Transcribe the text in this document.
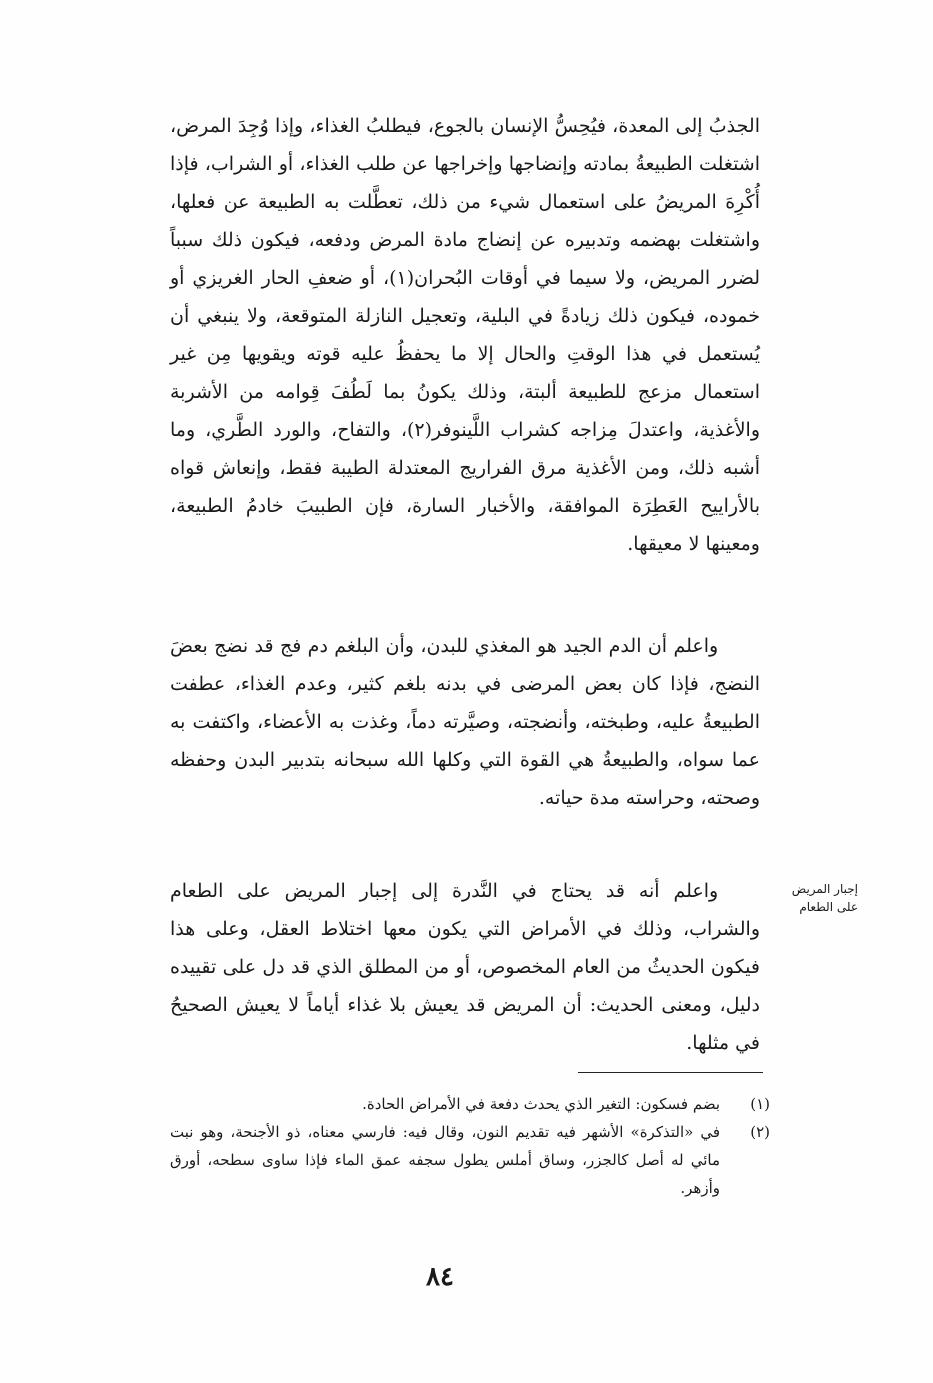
الجذبُ إلى المعدة، فيُحِسُّ الإنسان بالجوع، فيطلبُ الغذاء، وإذا وُجِدَ المرض، اشتغلت الطبيعةُ بمادته وإنضاجها وإخراجها عن طلب الغذاء، أو الشراب، فإذا أُكْرِهَ المريضُ على استعمال شيء من ذلك، تعطَّلت به الطبيعة عن فعلها، واشتغلت بهضمه وتدبيره عن إنضاج مادة المرض ودفعه، فيكون ذلك سبباً لضرر المريض، ولا سيما في أوقات البُحران(١)، أو ضعفِ الحار الغريزي أو خموده، فيكون ذلك زيادةً في البلية، وتعجيل النازلة المتوقعة، ولا ينبغي أن يُستعمل في هذا الوقتِ والحال إلا ما يحفظُ عليه قوته ويقويها مِن غير استعمال مزعج للطبيعة ألبتة، وذلك يكونُ بما لَطُفَ قِوامه من الأشربة والأغذية، واعتدلَ مِزاجه كشراب اللَّينوفر(٢)، والتفاح، والورد الطَّري، وما أشبه ذلك، ومن الأغذية مرق الفراريج المعتدلة الطيبة فقط، وإنعاش قواه بالأراييح العَطِرَة الموافقة، والأخبار السارة، فإن الطبيبَ خادمُ الطبيعة، ومعينها لا معيقها.

واعلم أن الدم الجيد هو المغذي للبدن، وأن البلغم دم فج قد نضج بعضَ النضج، فإذا كان بعض المرضى في بدنه بلغم كثير، وعدم الغذاء، عطفت الطبيعةُ عليه، وطبخته، وأنضجته، وصيَّرته دماً، وغذت به الأعضاء، واكتفت به عما سواه، والطبيعةُ هي القوة التي وكلها الله سبحانه بتدبير البدن وحفظه وصحته، وحراسته مدة حياته.

واعلم أنه قد يحتاج في النَّدرة إلى إجبار المريض على الطعام والشراب، وذلك في الأمراض التي يكون معها اختلاط العقل، وعلى هذا فيكون الحديثُ من العام المخصوص، أو من المطلق الذي قد دل على تقييده دليل، ومعنى الحديث: أن المريض قد يعيش بلا غذاء أياماً لا يعيش الصحيحُ في مثلها.

إجبار المريض على الطعام
(١)
بضم فسكون: التغير الذي يحدث دفعة في الأمراض الحادة.
(٢)
في «التذكرة» الأشهر فيه تقديم النون، وقال فيه: فارسي معناه، ذو الأجنحة، وهو نبت مائي له أصل كالجزر، وساق أملس يطول سجفه عمق الماء فإذا ساوى سطحه، أورق وأزهر.
٨٤
